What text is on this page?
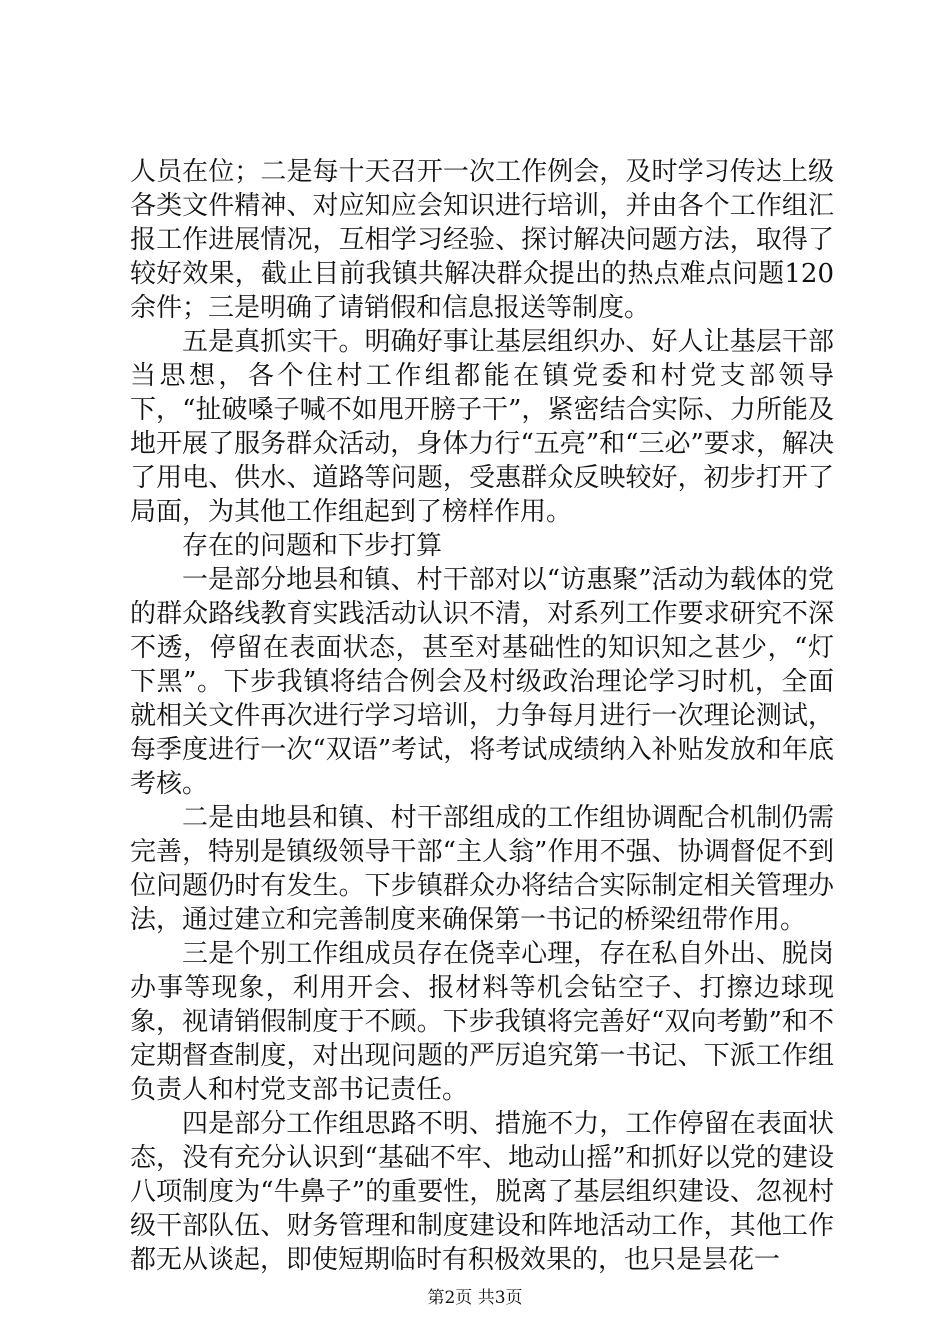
人员在位；二是每十天召开一次工作例会，及时学习传达上级各类文件精神、对应知应会知识进行培训，并由各个工作组汇报工作进展情况，互相学习经验、探讨解决问题方法，取得了较好效果，截止目前我镇共解决群众提出的热点难点问题120余件；三是明确了请销假和信息报送等制度。

五是真抓实干。明确好事让基层组织办、好人让基层干部当思想，各个住村工作组都能在镇党委和村党支部领导下，“扯破嗓子喊不如甩开膀子干”，紧密结合实际、力所能及地开展了服务群众活动，身体力行“五亮”和“三必”要求，解决了用电、供水、道路等问题，受惠群众反映较好，初步打开了局面，为其他工作组起到了榜样作用。

存在的问题和下步打算

一是部分地县和镇、村干部对以“访惠聚”活动为载体的党的群众路线教育实践活动认识不清，对系列工作要求研究不深不透，停留在表面状态，甚至对基础性的知识知之甚少，“灯下黑”。下步我镇将结合例会及村级政治理论学习时机，全面就相关文件再次进行学习培训，力争每月进行一次理论测试，每季度进行一次“双语”考试，将考试成绩纳入补贴发放和年底考核。

二是由地县和镇、村干部组成的工作组协调配合机制仍需完善，特别是镇级领导干部“主人翁”作用不强、协调督促不到位问题仍时有发生。下步镇群众办将结合实际制定相关管理办法，通过建立和完善制度来确保第一书记的桥梁纽带作用。

三是个别工作组成员存在侥幸心理，存在私自外出、脱岗办事等现象，利用开会、报材料等机会钻空子、打擦边球现象，视请销假制度于不顾。下步我镇将完善好“双向考勤”和不定期督查制度，对出现问题的严厉追究第一书记、下派工作组负责人和村党支部书记责任。

四是部分工作组思路不明、措施不力，工作停留在表面状态，没有充分认识到“基础不牢、地动山摇”和抓好以党的建设八项制度为“牛鼻子”的重要性，脱离了基层组织建设、忽视村级干部队伍、财务管理和制度建设和阵地活动工作，其他工作都无从谈起，即使短期临时有积极效果的，也只是昙花一

第2页 共3页
